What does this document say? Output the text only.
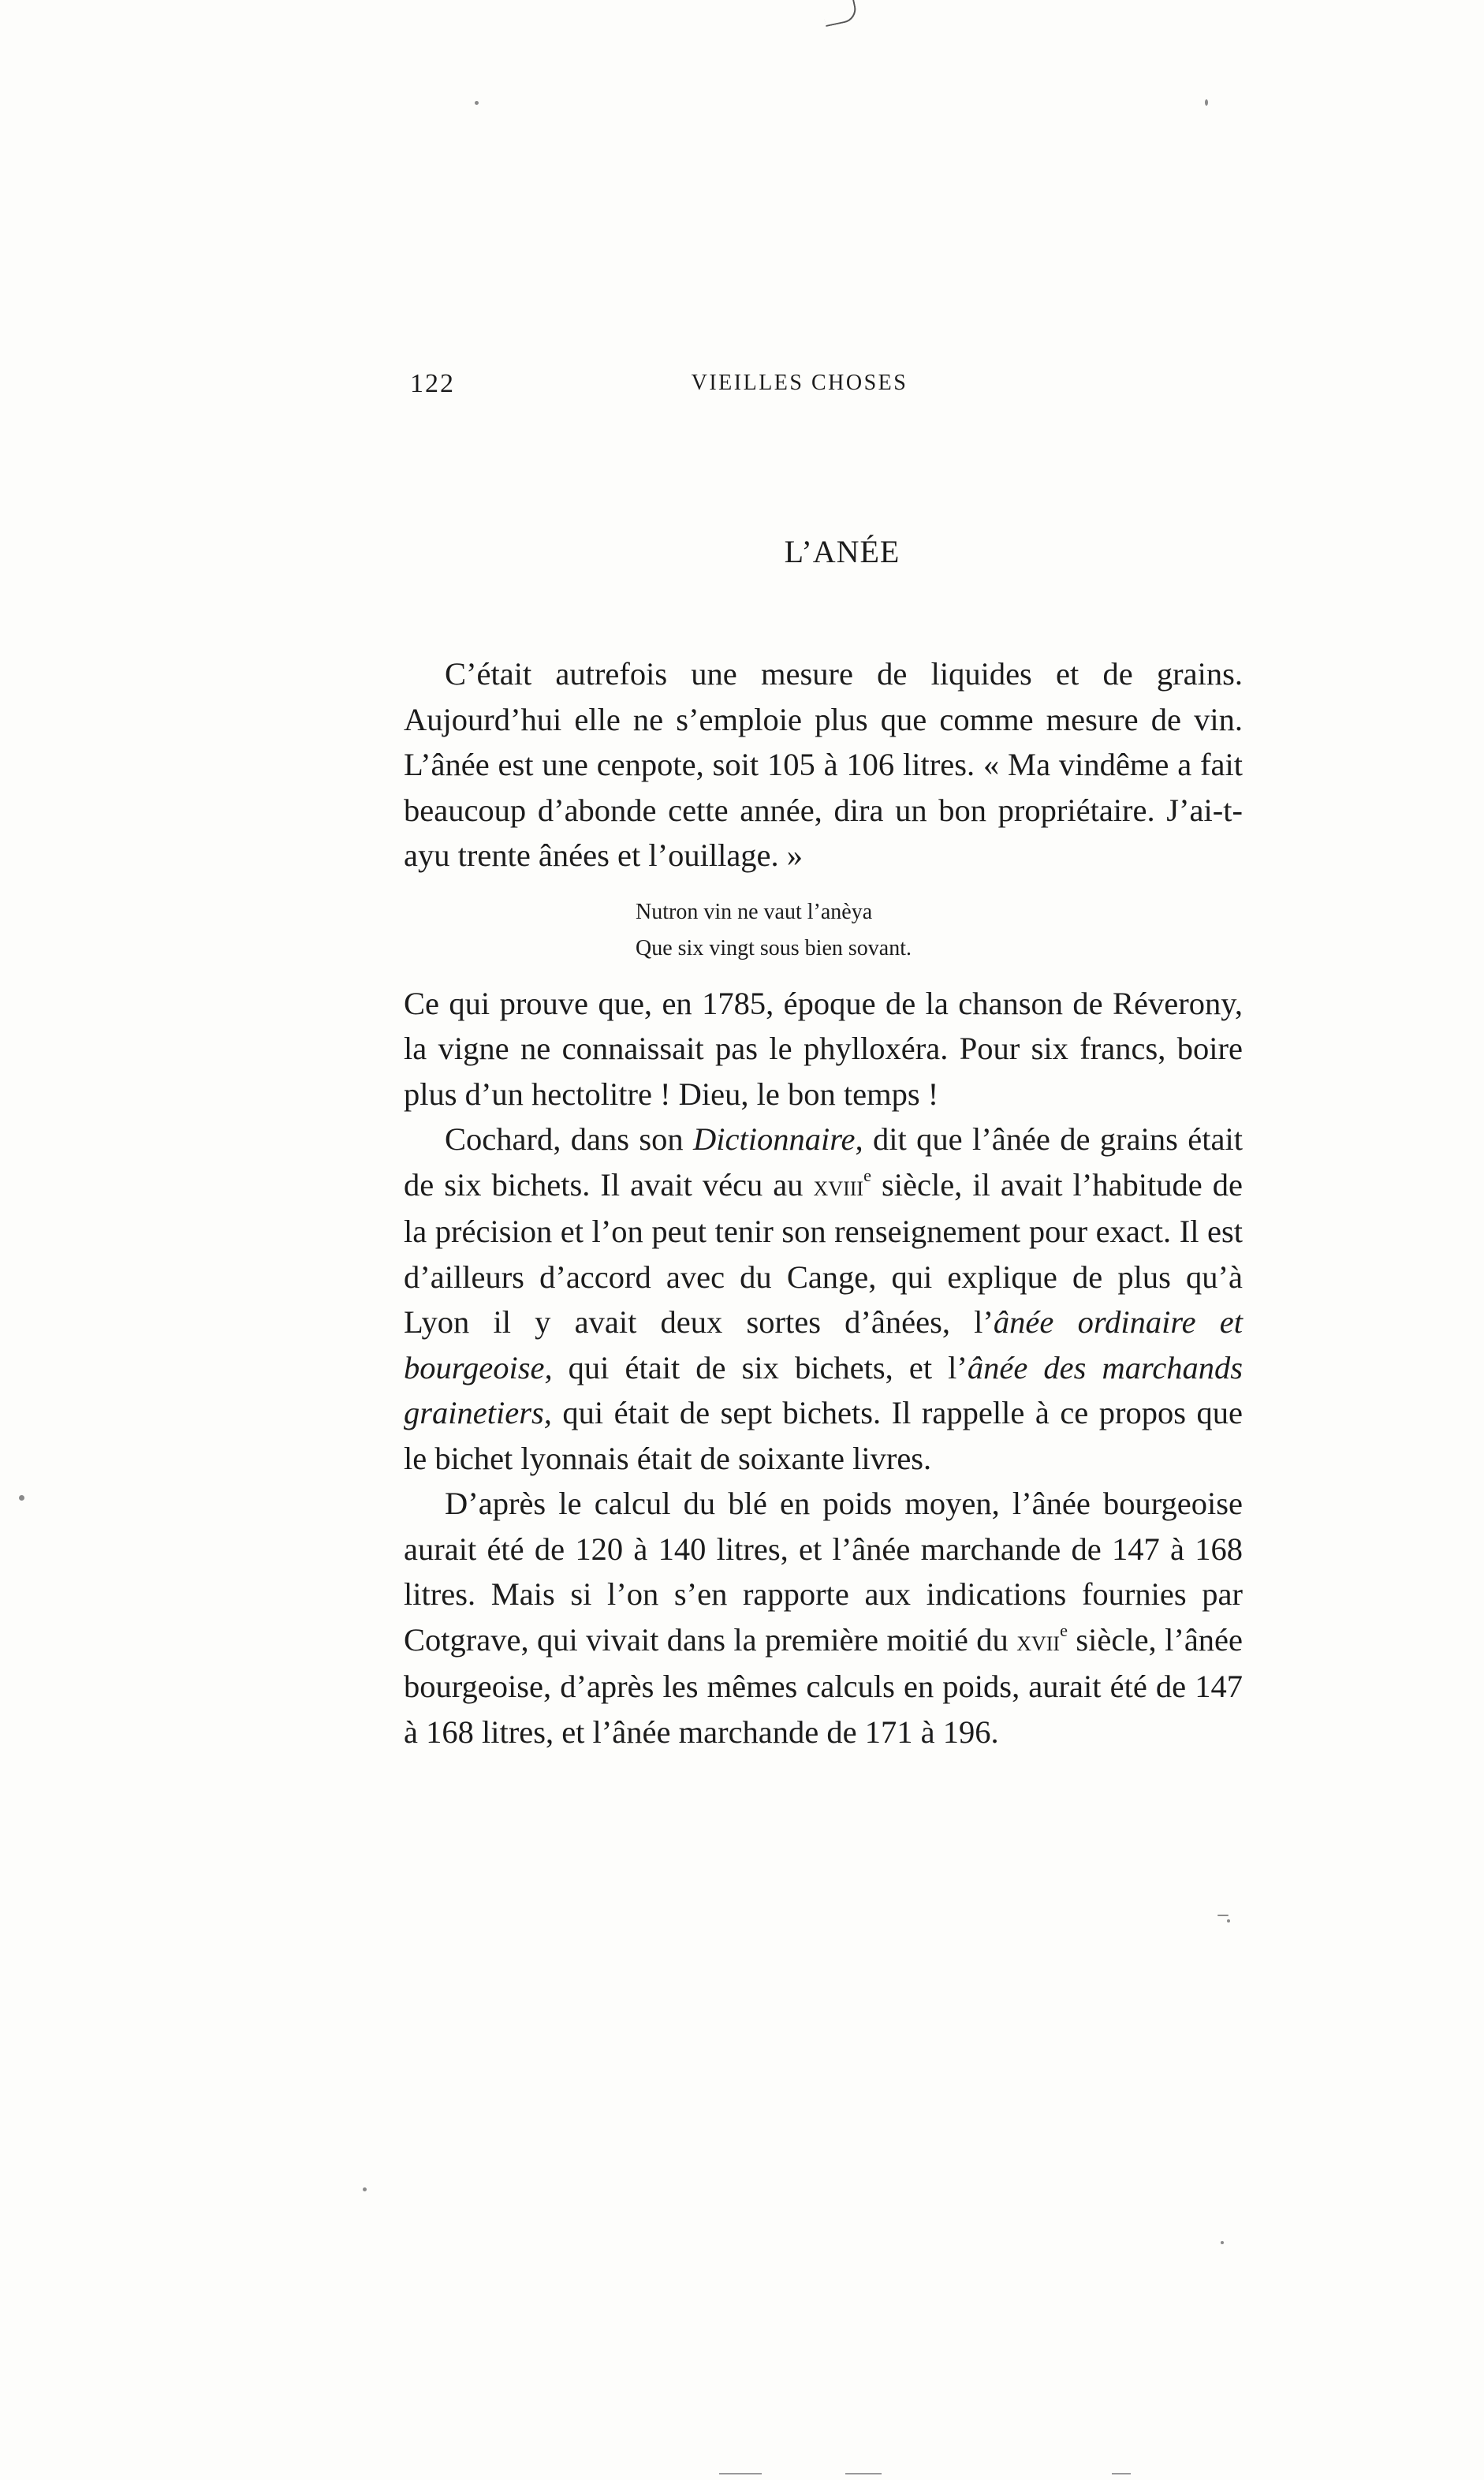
122	VIEILLES CHOSES
L’ANÉE

C’était autrefois une mesure de liquides et de grains. Aujourd’hui elle ne s’emploie plus que comme mesure de vin. L’ânée est une cenpote, soit 105 à 106 litres. « Ma vindême a fait beaucoup d’abonde cette année, dira un bon propriétaire. J’ai-t-ayu trente ânées et l’ouillage. »

Nutron vin ne vaut l’anèya
Que six vingt sous bien sovant.

Ce qui prouve que, en 1785, époque de la chanson de Réverony, la vigne ne connaissait pas le phylloxéra. Pour six francs, boire plus d’un hectolitre ! Dieu, le bon temps !

Cochard, dans son Dictionnaire, dit que l’ânée de grains était de six bichets. Il avait vécu au xviii$^e$ siècle, il avait l’habitude de la précision et l’on peut tenir son renseignement pour exact. Il est d’ailleurs d’accord avec du Cange, qui explique de plus qu’à Lyon il y avait deux sortes d’ânées, l’ânée ordinaire et bourgeoise, qui était de six bichets, et l’ânée des marchands grainetiers, qui était de sept bichets. Il rappelle à ce propos que le bichet lyonnais était de soixante livres.

D’après le calcul du blé en poids moyen, l’ânée bourgeoise aurait été de 120 à 140 litres, et l’ânée marchande de 147 à 168 litres. Mais si l’on s’en rapporte aux indications fournies par Cotgrave, qui vivait dans la première moitié du xvii$^e$ siècle, l’ânée bourgeoise, d’après les mêmes calculs en poids, aurait été de 147 à 168 litres, et l’ânée marchande de 171 à 196.
